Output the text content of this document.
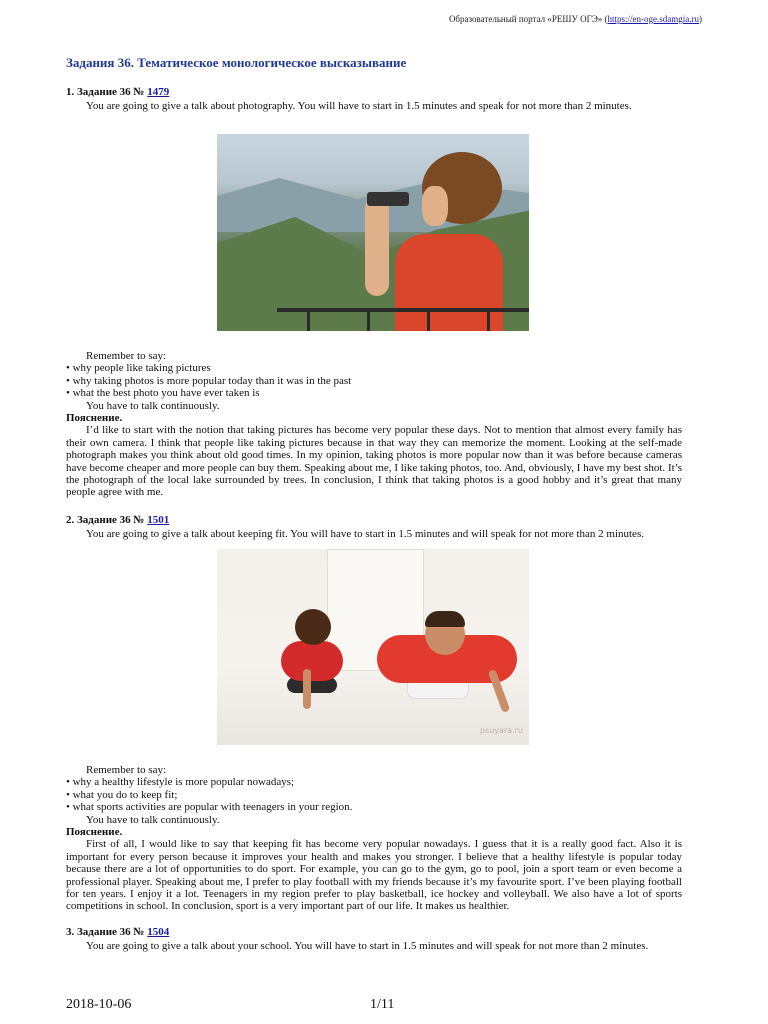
Образовательный портал «РЕШУ ОГЭ» (https://en-oge.sdamgia.ru)
Задания 36. Тематическое монологическое высказывание
1. Задание 36 № 1479
You are going to give a talk about photography. You will have to start in 1.5 minutes and speak for not more than 2 minutes.
Remember to say:
• why people like taking pictures
• why taking photos is more popular today than it was in the past
• what the best photo you have ever taken is
You have to talk continuously.
Пояснение.
I’d like to start with the notion that taking pictures has become very popular these days. Not to mention that almost every family has their own camera. I think that people like taking pictures because in that way they can memorize the moment. Looking at the self-made photograph makes you think about old good times. In my opinion, taking photos is more popular now than it was before because cameras have become cheaper and more people can buy them. Speaking about me, I like taking photos, too. And, obviously, I have my best shot. It’s the photograph of the local lake surrounded by trees. In conclusion, I think that taking photos is a good hobby and it’s great that many people agree with me.
2. Задание 36 № 1501
You are going to give a talk about keeping fit. You will have to start in 1.5 minutes and will speak for not more than 2 minutes.
psuyara.ru
Remember to say:
• why a healthy lifestyle is more popular nowadays;
• what you do to keep fit;
• what sports activities are popular with teenagers in your region.
You have to talk continuously.
Пояснение.
First of all, I would like to say that keeping fit has become very popular nowadays. I guess that it is a really good fact. Also it is important for every person because it improves your health and makes you stronger. I believe that a healthy lifestyle is popular today because there are a lot of opportunities to do sport. For example, you can go to the gym, go to pool, join a sport team or even become a professional player. Speaking about me, I prefer to play football with my friends because it’s my favourite sport. I’ve been playing football for ten years. I enjoy it a lot. Teenagers in my region prefer to play basketball, ice hockey and volleyball. We also have a lot of sports competitions in school. In conclusion, sport is a very important part of our life. It makes us healthier.
3. Задание 36 № 1504
You are going to give a talk about your school. You will have to start in 1.5 minutes and will speak for not more than 2 minutes.
2018-10-06	1/11
